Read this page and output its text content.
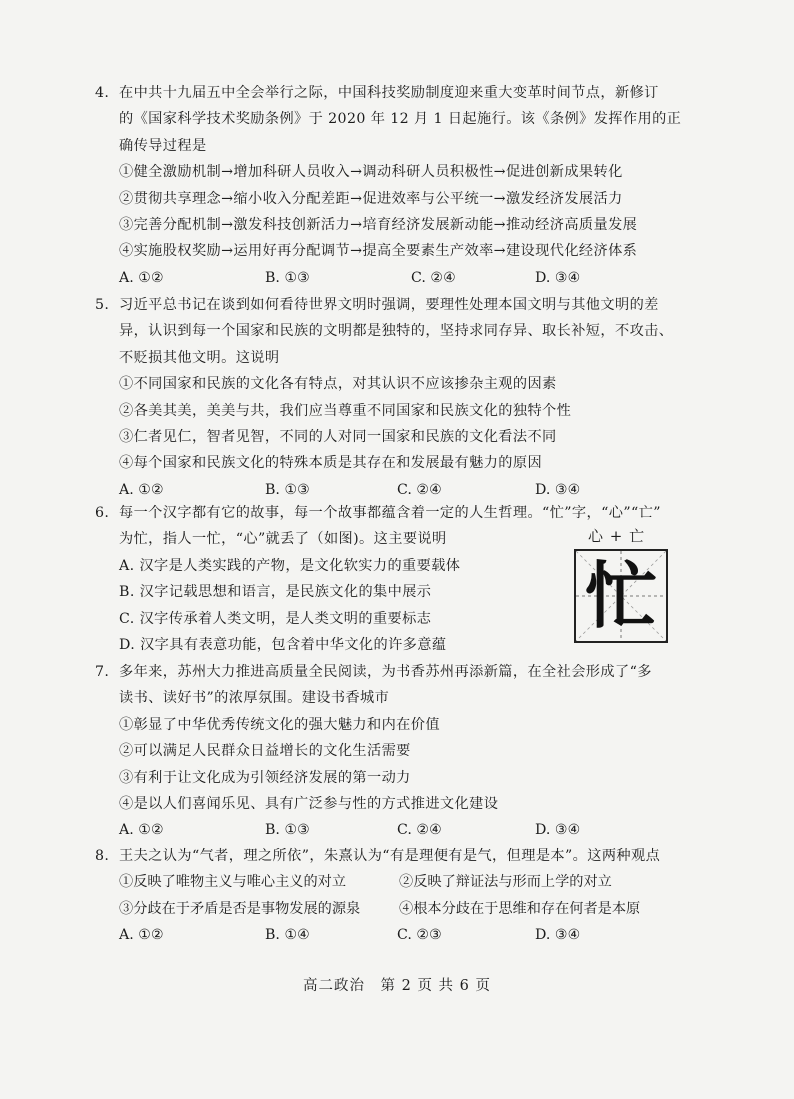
4. 在中共十九届五中全会举行之际，中国科技奖励制度迎来重大变革时间节点，新修订
的《国家科学技术奖励条例》于 2020 年 12 月 1 日起施行。该《条例》发挥作用的正
确传导过程是
①健全激励机制→增加科研人员收入→调动科研人员积极性→促进创新成果转化
②贯彻共享理念→缩小收入分配差距→促进效率与公平统一→激发经济发展活力
③完善分配机制→激发科技创新活力→培育经济发展新动能→推动经济高质量发展
④实施股权奖励→运用好再分配调节→提高全要素生产效率→建设现代化经济体系
A. ①②	B. ①③	C. ②④	D. ③④
5. 习近平总书记在谈到如何看待世界文明时强调，要理性处理本国文明与其他文明的差
异，认识到每一个国家和民族的文明都是独特的，坚持求同存异、取长补短，不攻击、
不贬损其他文明。这说明
①不同国家和民族的文化各有特点，对其认识不应该掺杂主观的因素
②各美其美，美美与共，我们应当尊重不同国家和民族文化的独特个性
③仁者见仁，智者见智，不同的人对同一国家和民族的文化看法不同
④每个国家和民族文化的特殊本质是其存在和发展最有魅力的原因
A. ①②	B. ①③	C. ②④	D. ③④
6. 每一个汉字都有它的故事，每一个故事都蕴含着一定的人生哲理。“忙”字，“心”“亡”
为忙，指人一忙，“心”就丢了（如图)。这主要说明
A. 汉字是人类实践的产物，是文化软实力的重要载体
B. 汉字记载思想和语言，是民族文化的集中展示
C. 汉字传承着人类文明，是人类文明的重要标志
D. 汉字具有表意功能，包含着中华文化的许多意蕴
心 + 亡
忙
7. 多年来，苏州大力推进高质量全民阅读，为书香苏州再添新篇，在全社会形成了“多
读书、读好书”的浓厚氛围。建设书香城市
①彰显了中华优秀传统文化的强大魅力和内在价值
②可以满足人民群众日益增长的文化生活需要
③有利于让文化成为引领经济发展的第一动力
④是以人们喜闻乐见、具有广泛参与性的方式推进文化建设
A. ①②	B. ①③	C. ②④	D. ③④
8. 王夫之认为“气者，理之所依”，朱熹认为“有是理便有是气，但理是本”。这两种观点
①反映了唯物主义与唯心主义的对立	②反映了辩证法与形而上学的对立
③分歧在于矛盾是否是事物发展的源泉	④根本分歧在于思维和存在何者是本原
A. ①②	B. ①④	C. ②③	D. ③④
高二政治　第 2 页 共 6 页
